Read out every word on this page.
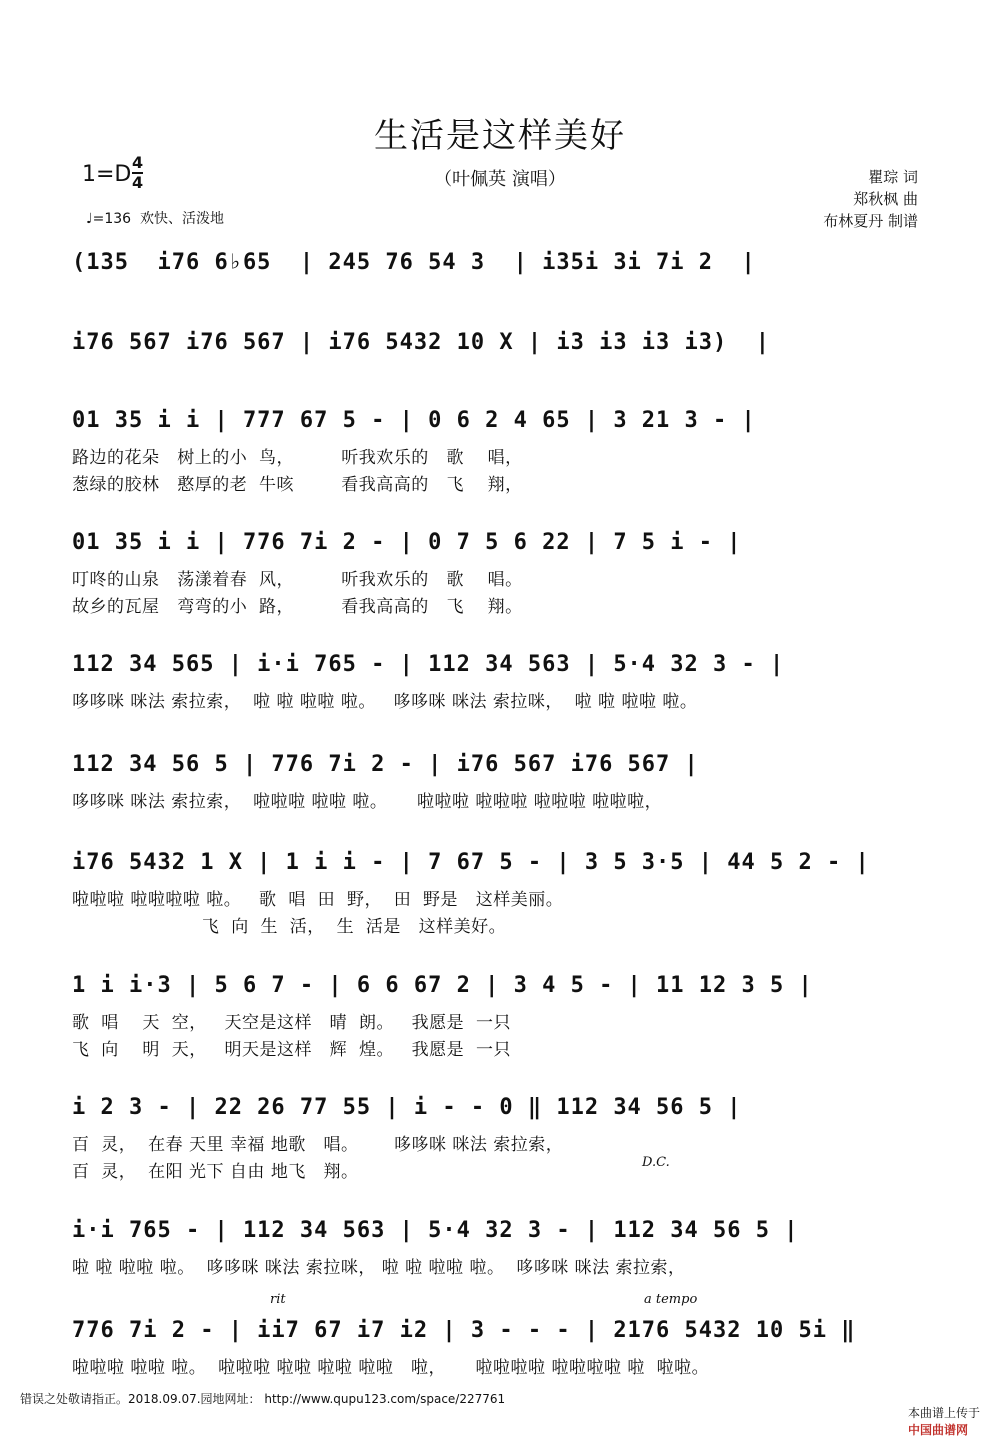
生活是这样美好
1=D 4
4	（叶佩英 演唱）	瞿琮 词
郑秋枫 曲
布林夏丹 制谱
♩=136  欢快、活泼地
(135  i76 6♭65  | 245 76 54 3  | i35i 3i 7i 2  |
i76 567 i76 567 | i76 5432 10 X | i3 i3 i3 i3)  |
01 35 i i | 777 67 5 - | 0 6 2 4 65 | 3 21 3 - |
路边的花朵   树上的小  鸟，        听我欢乐的   歌    唱，
葱绿的胶林   憨厚的老  牛咳        看我高高的   飞    翔，
01 35 i i | 776 7i 2 - | 0 7 5 6 22 | 7 5 i - |
叮咚的山泉   荡漾着春  风，        听我欢乐的   歌    唱。
故乡的瓦屋   弯弯的小  路，        看我高高的   飞    翔。
112 34 565 | i·i 765 - | 112 34 563 | 5·4 32 3 - |
哆哆咪 咪法 索拉索，  啦 啦 啦啦 啦。   哆哆咪 咪法 索拉咪，  啦 啦 啦啦 啦。
112 34 56 5 | 776 7i 2 - | i76 567 i76 567 |
哆哆咪 咪法 索拉索，  啦啦啦 啦啦 啦。     啦啦啦 啦啦啦 啦啦啦 啦啦啦，
i76 5432 1 X | 1 i i - | 7 67 5 - | 3 5 3·5 | 44 5 2 - |
啦啦啦 啦啦啦啦 啦。   歌  唱  田  野，  田  野是   这样美丽。
飞  向  生  活，  生  活是   这样美好。
1 i i·3 | 5 6 7 - | 6 6 67 2 | 3 4 5 - | 11 12 3 5 |
歌  唱    天  空，   天空是这样   晴  朗。   我愿是  一只
飞  向    明  天，   明天是这样   辉  煌。   我愿是  一只
i 2 3 - | 22 26 77 55 | i - - 0 ‖ 112 34 56 5 |
百  灵，  在春 天里 幸福 地歌   唱。      哆哆咪 咪法 索拉索，
百  灵，  在阳 光下 自由 地飞   翔。	D.C.
i·i 765 - | 112 34 563 | 5·4 32 3 - | 112 34 56 5 |
啦 啦 啦啦 啦。  哆哆咪 咪法 索拉咪， 啦 啦 啦啦 啦。  哆哆咪 咪法 索拉索，
776 7i 2 - | ii7 67 i7 i2 | 3 - - - | 2176 5432 10 5i ‖
啦啦啦 啦啦 啦。  啦啦啦 啦啦 啦啦 啦啦   啦，     啦啦啦啦 啦啦啦啦 啦  啦啦。
rit	a tempo
错误之处敬请指正。2018.09.07.园地网址： http://www.qupu123.com/space/227761

本曲谱上传于
中国曲谱网
